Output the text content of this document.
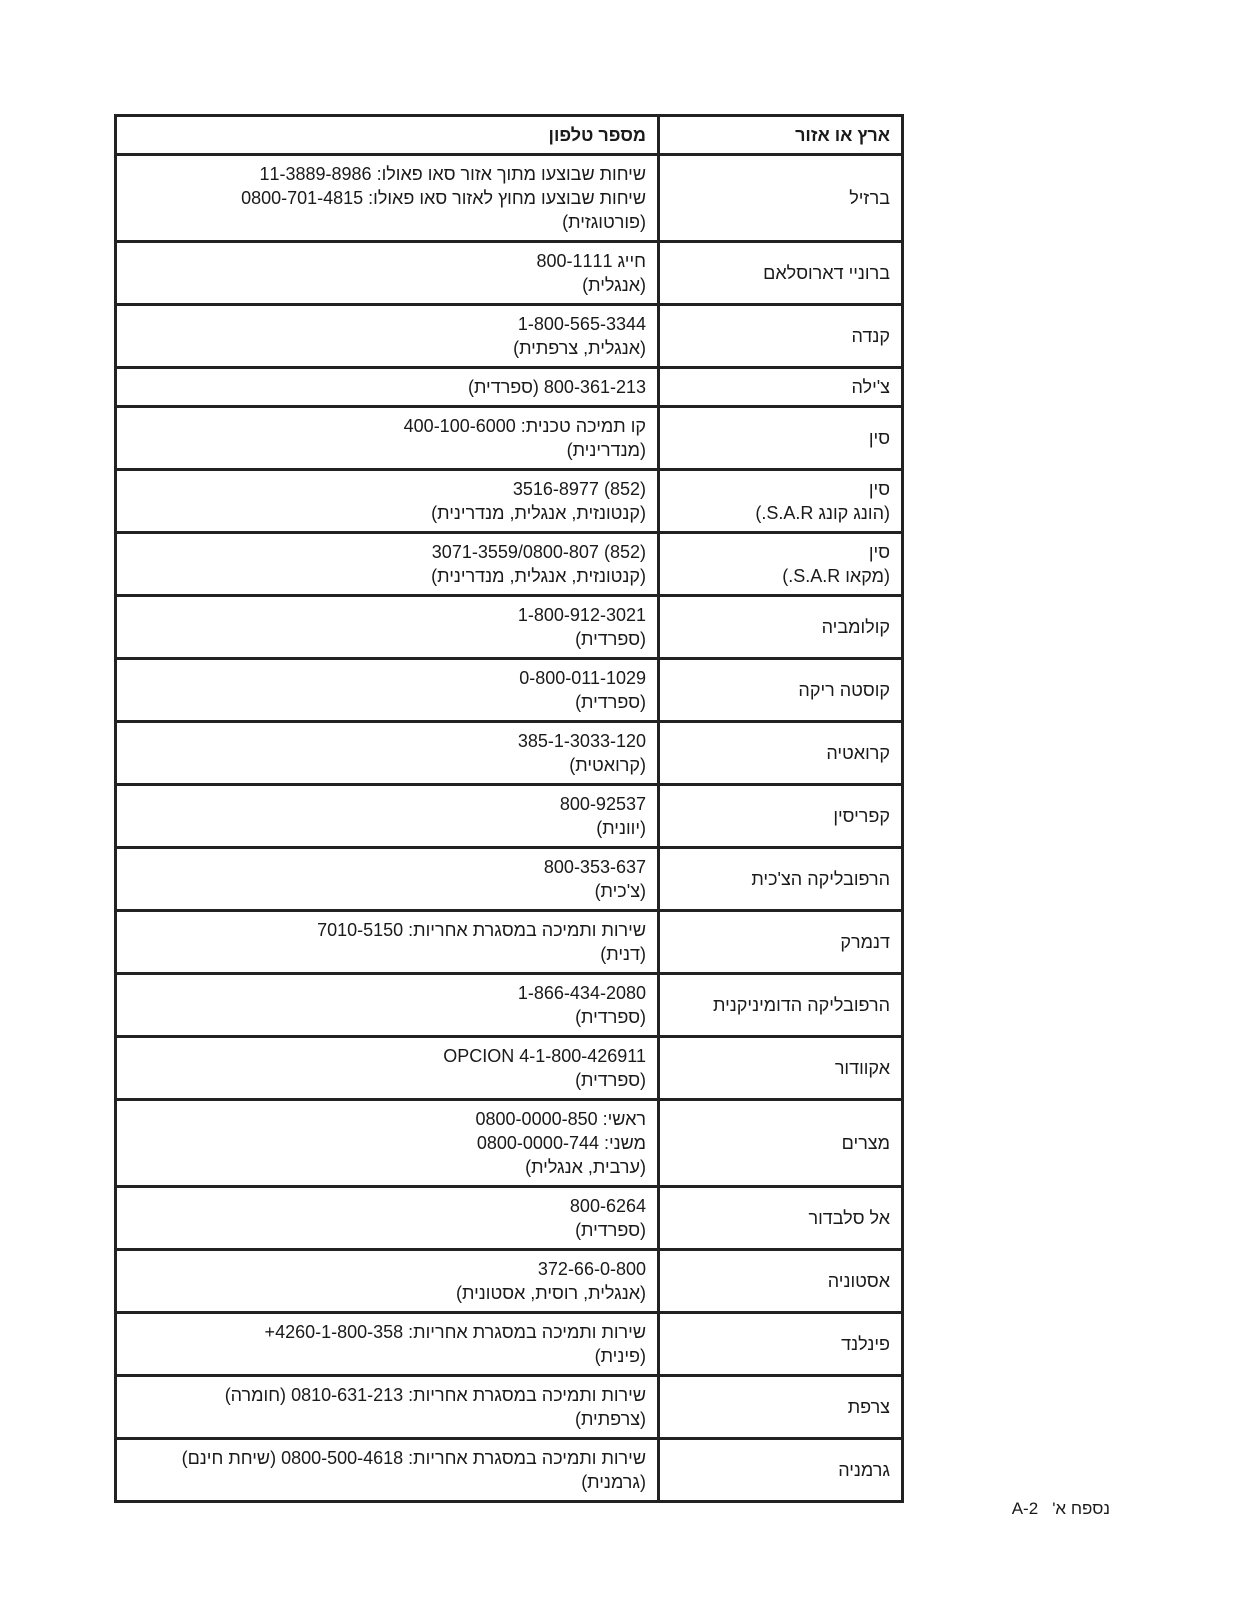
ארץ או אזור	מספר טלפון

ברזיל	שיחות שבוצעו מתוך אזור סאו פאולו: 11-3889-8986
שיחות שבוצעו מחוץ לאזור סאו פאולו: 0800-701-4815
(פורטוגזית)

ברוניי דארוסלאם	חייג 800-1111
(אנגלית)

קנדה	1-800-565-3344
(אנגלית, צרפתית)

צ'ילה	800-361-213 (ספרדית)

סין	קו תמיכה טכנית: 400-100-6000
(מנדרינית)

סין
(הונג קונג S.A.R.)	(852) 3516-8977
(קנטונזית, אנגלית, מנדרינית)

סין
(מקאו S.A.R.)	(852) 3071-3559/0800-807
(קנטונזית, אנגלית, מנדרינית)

קולומביה	1-800-912-3021
(ספרדית)

קוסטה ריקה	0-800-011-1029
(ספרדית)

קרואטיה	385-1-3033-120
(קרואטית)

קפריסין	800-92537
(יוונית)

הרפובליקה הצ'כית	800-353-637
(צ'כית)

דנמרק	שירות ותמיכה במסגרת אחריות: 7010-5150
(דנית)

הרפובליקה הדומיניקנית	1-866-434-2080
(ספרדית)

אקוודור	1-800-426911-OPCION 4
(ספרדית)

מצרים	ראשי: 0800-0000-850
משני: 0800-0000-744
(ערבית, אנגלית)

אל סלבדור	800-6264
(ספרדית)

אסטוניה	372-66-0-800
(אנגלית, רוסית, אסטונית)

פינלנד	שירות ותמיכה במסגרת אחריות: 4260-1-800-358+
(פינית)

צרפת	שירות ותמיכה במסגרת אחריות: 0810-631-213 (חומרה)
(צרפתית)

גרמניה	שירות ותמיכה במסגרת אחריות: 0800-500-4618 (שיחת חינם)
(גרמנית)
נספח א'A-2
